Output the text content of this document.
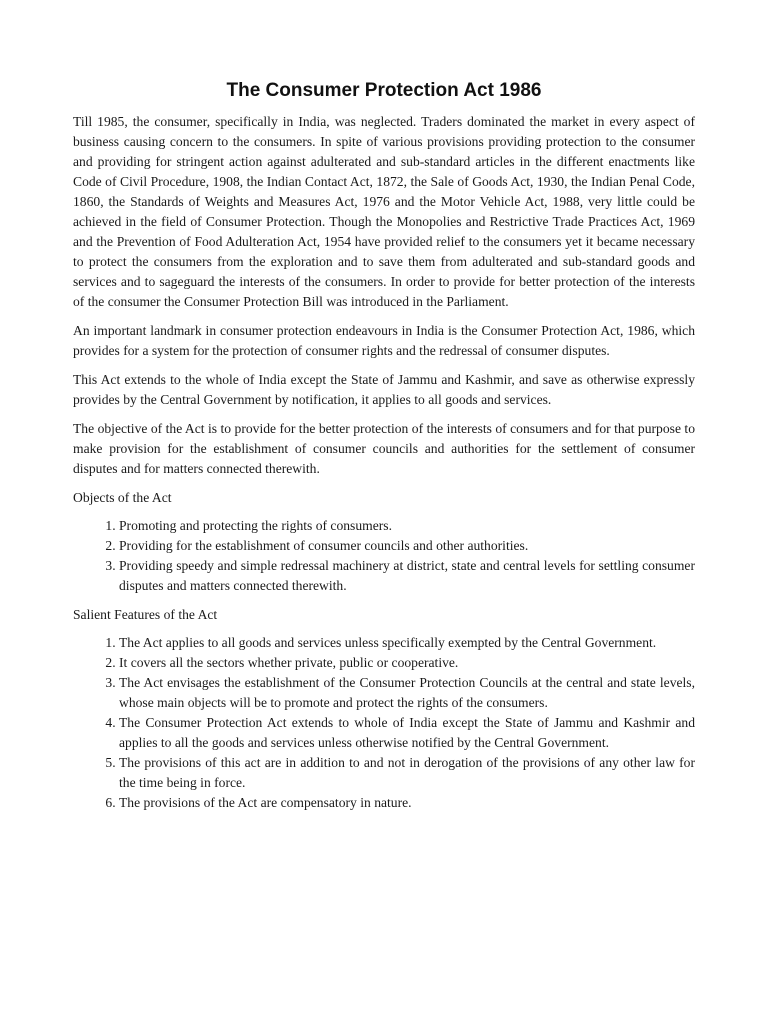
The Consumer Protection Act 1986

Till 1985, the consumer, specifically in India, was neglected. Traders dominated the market in every aspect of business causing concern to the consumers. In spite of various provisions providing protection to the consumer and providing for stringent action against adulterated and sub-standard articles in the different enactments like Code of Civil Procedure, 1908, the Indian Contact Act, 1872, the Sale of Goods Act, 1930, the Indian Penal Code, 1860, the Standards of Weights and Measures Act, 1976 and the Motor Vehicle Act, 1988, very little could be achieved in the field of Consumer Protection. Though the Monopolies and Restrictive Trade Practices Act, 1969 and the Prevention of Food Adulteration Act, 1954 have provided relief to the consumers yet it became necessary to protect the consumers from the exploration and to save them from adulterated and sub-standard goods and services and to sageguard the interests of the consumers. In order to provide for better protection of the interests of the consumer the Consumer Protection Bill was introduced in the Parliament.

An important landmark in consumer protection endeavours in India is the Consumer Protection Act, 1986, which provides for a system for the protection of consumer rights and the redressal of consumer disputes.

This Act extends to the whole of India except the State of Jammu and Kashmir, and save as otherwise expressly provides by the Central Government by notification, it applies to all goods and services.

The objective of the Act is to provide for the better protection of the interests of consumers and for that purpose to make provision for the establishment of consumer councils and authorities for the settlement of consumer disputes and for matters connected therewith.

Objects of the Act
1. Promoting and protecting the rights of consumers.
2. Providing for the establishment of consumer councils and other authorities.
3. Providing speedy and simple redressal machinery at district, state and central levels for settling consumer disputes and matters connected therewith.
Salient Features of the Act
1. The Act applies to all goods and services unless specifically exempted by the Central Government.
2. It covers all the sectors whether private, public or cooperative.
3. The Act envisages the establishment of the Consumer Protection Councils at the central and state levels, whose main objects will be to promote and protect the rights of the consumers.
4. The Consumer Protection Act extends to whole of India except the State of Jammu and Kashmir and applies to all the goods and services unless otherwise notified by the Central Government.
5. The provisions of this act are in addition to and not in derogation of the provisions of any other law for the time being in force.
6. The provisions of the Act are compensatory in nature.
